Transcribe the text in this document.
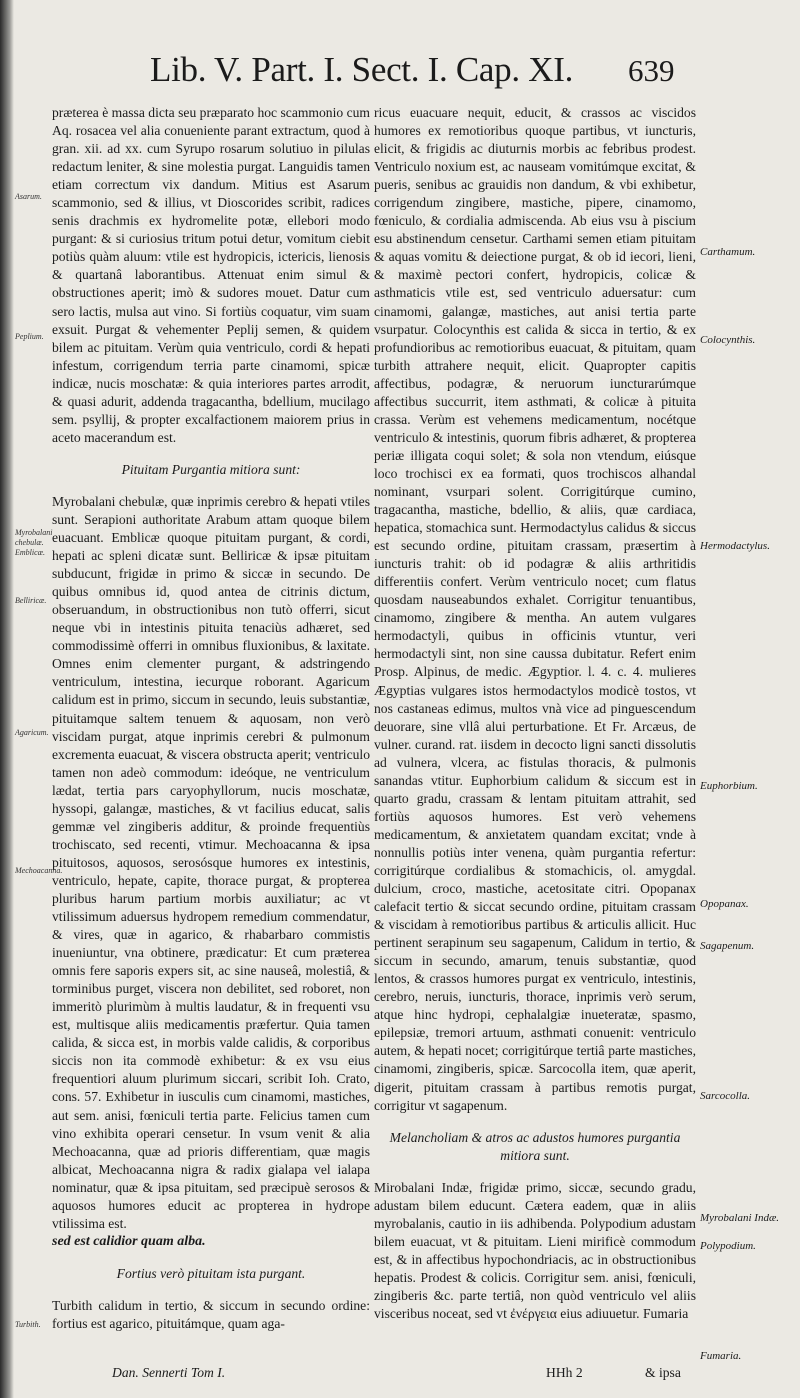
Lib. V. Part. I. Sect. I. Cap. XI. 639

præterea è massa dicta seu præparato hoc scammonio cum Aq. rosacea vel alia conueniente parant extractum, quod à gran. xii. ad xx. cum Syrupo rosarum solutiuo in pilulas redactum leniter, & sine molestia purgat. Languidis tamen etiam correctum vix dandum. Mitius est Asarum scammonio, sed & illius, vt Dioscorides scribit, radices senis drachmis ex hydromelite potæ, ellebori modo purgant: & si curiosius tritum potui detur, vomitum ciebit potiùs quàm aluum: vtile est hydropicis, ictericis, lienosis & quartanâ laborantibus. Attenuat enim simul & obstructiones aperit; imò & sudores mouet. Datur cum sero lactis, mulsa aut vino. Si fortiùs coquatur, vim suam exsuit. Purgat & vehementer Peplij semen, & quidem bilem ac pituitam. Verùm quia ventriculo, cordi & hepati infestum, corrigendum terria parte cinamomi, spicæ indicæ, nucis moschatæ: & quia interiores partes arrodit, & quasi adurit, addenda tragacantha, bdellium, mucilago sem. psyllij, & propter excalfactionem maiorem prius in aceto macerandum est.

Pituitam Purgantia mitiora sunt:

Myrobalani chebulæ, quæ inprimis cerebro & hepati vtiles sunt. Serapioni authoritate Arabum attam quoque bilem euacuant. Emblicæ quoque pituitam purgant, & cordi, hepati ac spleni dicatæ sunt. Belliricæ & ipsæ pituitam subducunt, frigidæ in primo & siccæ in secundo. De quibus omnibus id, quod antea de citrinis dictum, obseruandum, in obstructionibus non tutò offerri, sicut neque vbi in intestinis pituita tenaciùs adhæret, sed commodissimè offerri in omnibus fluxionibus, & laxitate. Omnes enim clementer purgant, & adstringendo ventriculum, intestina, iecurque roborant. Agaricum calidum est in primo, siccum in secundo, leuis substantiæ, pituitamque saltem tenuem & aquosam, non verò viscidam purgat, atque inprimis cerebri & pulmonum excrementa euacuat, & viscera obstructa aperit; ventriculo tamen non adeò commodum: ideóque, ne ventriculum lædat, tertia pars caryophyllorum, nucis moschatæ, hyssopi, galangæ, mastiches, & vt facilius educat, salis gemmæ vel zingiberis additur, & proinde frequentiùs trochiscato, sed recenti, vtimur. Mechoacanna & ipsa pituitosos, aquosos, serosósque humores ex intestinis, ventriculo, hepate, capite, thorace purgat, & propterea pluribus harum partium morbis auxiliatur; ac vt vtilissimum aduersus hydropem remedium commendatur, & vires, quæ in agarico, & rhabarbaro commistis inueniuntur, vna obtinere, prædicatur: Et cum præterea omnis fere saporis expers sit, ac sine nauseâ, molestiâ, & torminibus purget, viscera non debilitet, sed roboret, non immeritò plurimùm à multis laudatur, & in frequenti vsu est, multisque aliis medicamentis præfertur. Quia tamen calida, & sicca est, in morbis valde calidis, & corporibus siccis non ita commodè exhibetur: & ex vsu eius frequentiori aluum plurimum siccari, scribit Ioh. Crato, cons. 57. Exhibetur in iusculis cum cinamomi, mastiches, aut sem. anisi, fœniculi tertia parte. Felicius tamen cum vino exhibita operari censetur. In vsum venit & alia Mechoacanna, quæ ad prioris differentiam, quæ magis albicat, Mechoacanna nigra & radix gialapa vel ialapa nominatur, quæ & ipsa pituitam, sed præcipuè serosos & aquosos humores educit ac propterea in hydrope vtilissima est.

sed est calidior quam alba.

Fortius verò pituitam ista purgant.

Turbith calidum in tertio, & siccum in secundo ordine: fortius est agarico, pituitámque, quam aga-

ricus euacuare nequit, educit, & crassos ac viscidos humores ex remotioribus quoque partibus, vt iuncturis, elicit, & frigidis ac diuturnis morbis ac febribus prodest. Ventriculo noxium est, ac nauseam vomitúmque excitat, & pueris, senibus ac grauidis non dandum, & vbi exhibetur, corrigendum zingibere, mastiche, pipere, cinamomo, fœniculo, & cordialia admiscenda. Ab eius vsu à piscium esu abstinendum censetur. Carthami semen etiam pituitam & aquas vomitu & deiectione purgat, & ob id iecori, lieni, & maximè pectori confert, hydropicis, colicæ & asthmaticis vtile est, sed ventriculo aduersatur: cum cinamomi, galangæ, mastiches, aut anisi tertia parte vsurpatur. Colocynthis est calida & sicca in tertio, & ex profundioribus ac remotioribus euacuat, & pituitam, quam turbith attrahere nequit, elicit. Quapropter capitis affectibus, podagræ, & neruorum iuncturarúmque affectibus succurrit, item asthmati, & colicæ à pituita crassa. Verùm est vehemens medicamentum, nocétque ventriculo & intestinis, quorum fibris adhæret, & propterea periæ illigata coqui solet; & sola non vtendum, eiúsque loco trochisci ex ea formati, quos trochiscos alhandal nominant, vsurpari solent. Corrigitúrque cumino, tragacantha, mastiche, bdellio, & aliis, quæ cardiaca, hepatica, stomachica sunt. Hermodactylus calidus & siccus est secundo ordine, pituitam crassam, præsertim à iuncturis trahit: ob id podagræ & aliis arthritidis differentiis confert. Verùm ventriculo nocet; cum flatus quosdam nauseabundos exhalet. Corrigitur tenuantibus, cinamomo, zingibere & mentha. An autem vulgares hermodactyli, quibus in officinis vtuntur, veri hermodactyli sint, non sine caussa dubitatur. Refert enim Prosp. Alpinus, de medic. Ægyptior. l. 4. c. 4. mulieres Ægyptias vulgares istos hermodactylos modicè tostos, vt nos castaneas edimus, multos vnà vice ad pinguescendum deuorare, sine vllâ alui perturbatione. Et Fr. Arcæus, de vulner. curand. rat. iisdem in decocto ligni sancti dissolutis ad vulnera, vlcera, ac fistulas thoracis, & pulmonis sanandas vtitur. Euphorbium calidum & siccum est in quarto gradu, crassam & lentam pituitam attrahit, sed fortiùs aquosos humores. Est verò vehemens medicamentum, & anxietatem quandam excitat; vnde à nonnullis potiùs inter venena, quàm purgantia refertur: corrigitúrque cordialibus & stomachicis, ol. amygdal. dulcium, croco, mastiche, acetositate citri. Opopanax calefacit tertio & siccat secundo ordine, pituitam crassam & viscidam à remotioribus partibus & articulis allicit. Huc pertinent serapinum seu sagapenum, Calidum in tertio, & siccum in secundo, amarum, tenuis substantiæ, quod lentos, & crassos humores purgat ex ventriculo, intestinis, cerebro, neruis, iuncturis, thorace, inprimis verò serum, atque hinc hydropi, cephalalgiæ inueteratæ, spasmo, epilepsiæ, tremori artuum, asthmati conuenit: ventriculo autem, & hepati nocet; corrigitúrque tertiâ parte mastiches, cinamomi, zingiberis, spicæ. Sarcocolla item, quæ aperit, digerit, pituitam crassam à partibus remotis purgat, corrigitur vt sagapenum.

Melancholiam & atros ac adustos humores purgantia mitiora sunt.

Mirobalani Indæ, frigidæ primo, siccæ, secundo gradu, adustam bilem educunt. Cætera eadem, quæ in aliis myrobalanis, cautio in iis adhibenda. Polypodium adustam bilem euacuat, vt & pituitam. Lieni mirificè commodum est, & in affectibus hypochondriacis, ac in obstructionibus hepatis. Prodest & colicis. Corrigitur sem. anisi, fœniculi, zingiberis &c. parte tertiâ, non quòd ventriculo vel aliis visceribus noceat, sed vt ἐνέργεια eius adiuuetur. Fumaria

Asarum.
Peplium.
Myrobalani chebulæ. Emblicæ.
Belliricæ.
Agaricum.
Mechoacanna.
Turbith.
Carthamum.
Colocynthis.
Hermodactylus.
Euphorbium.
Opopanax.
Sagapenum.
Sarcocolla.
Myrobalani Indæ.
Polypodium.
Fumaria.
Dan. Sennerti Tom I.	HHh 2	& ipsa
